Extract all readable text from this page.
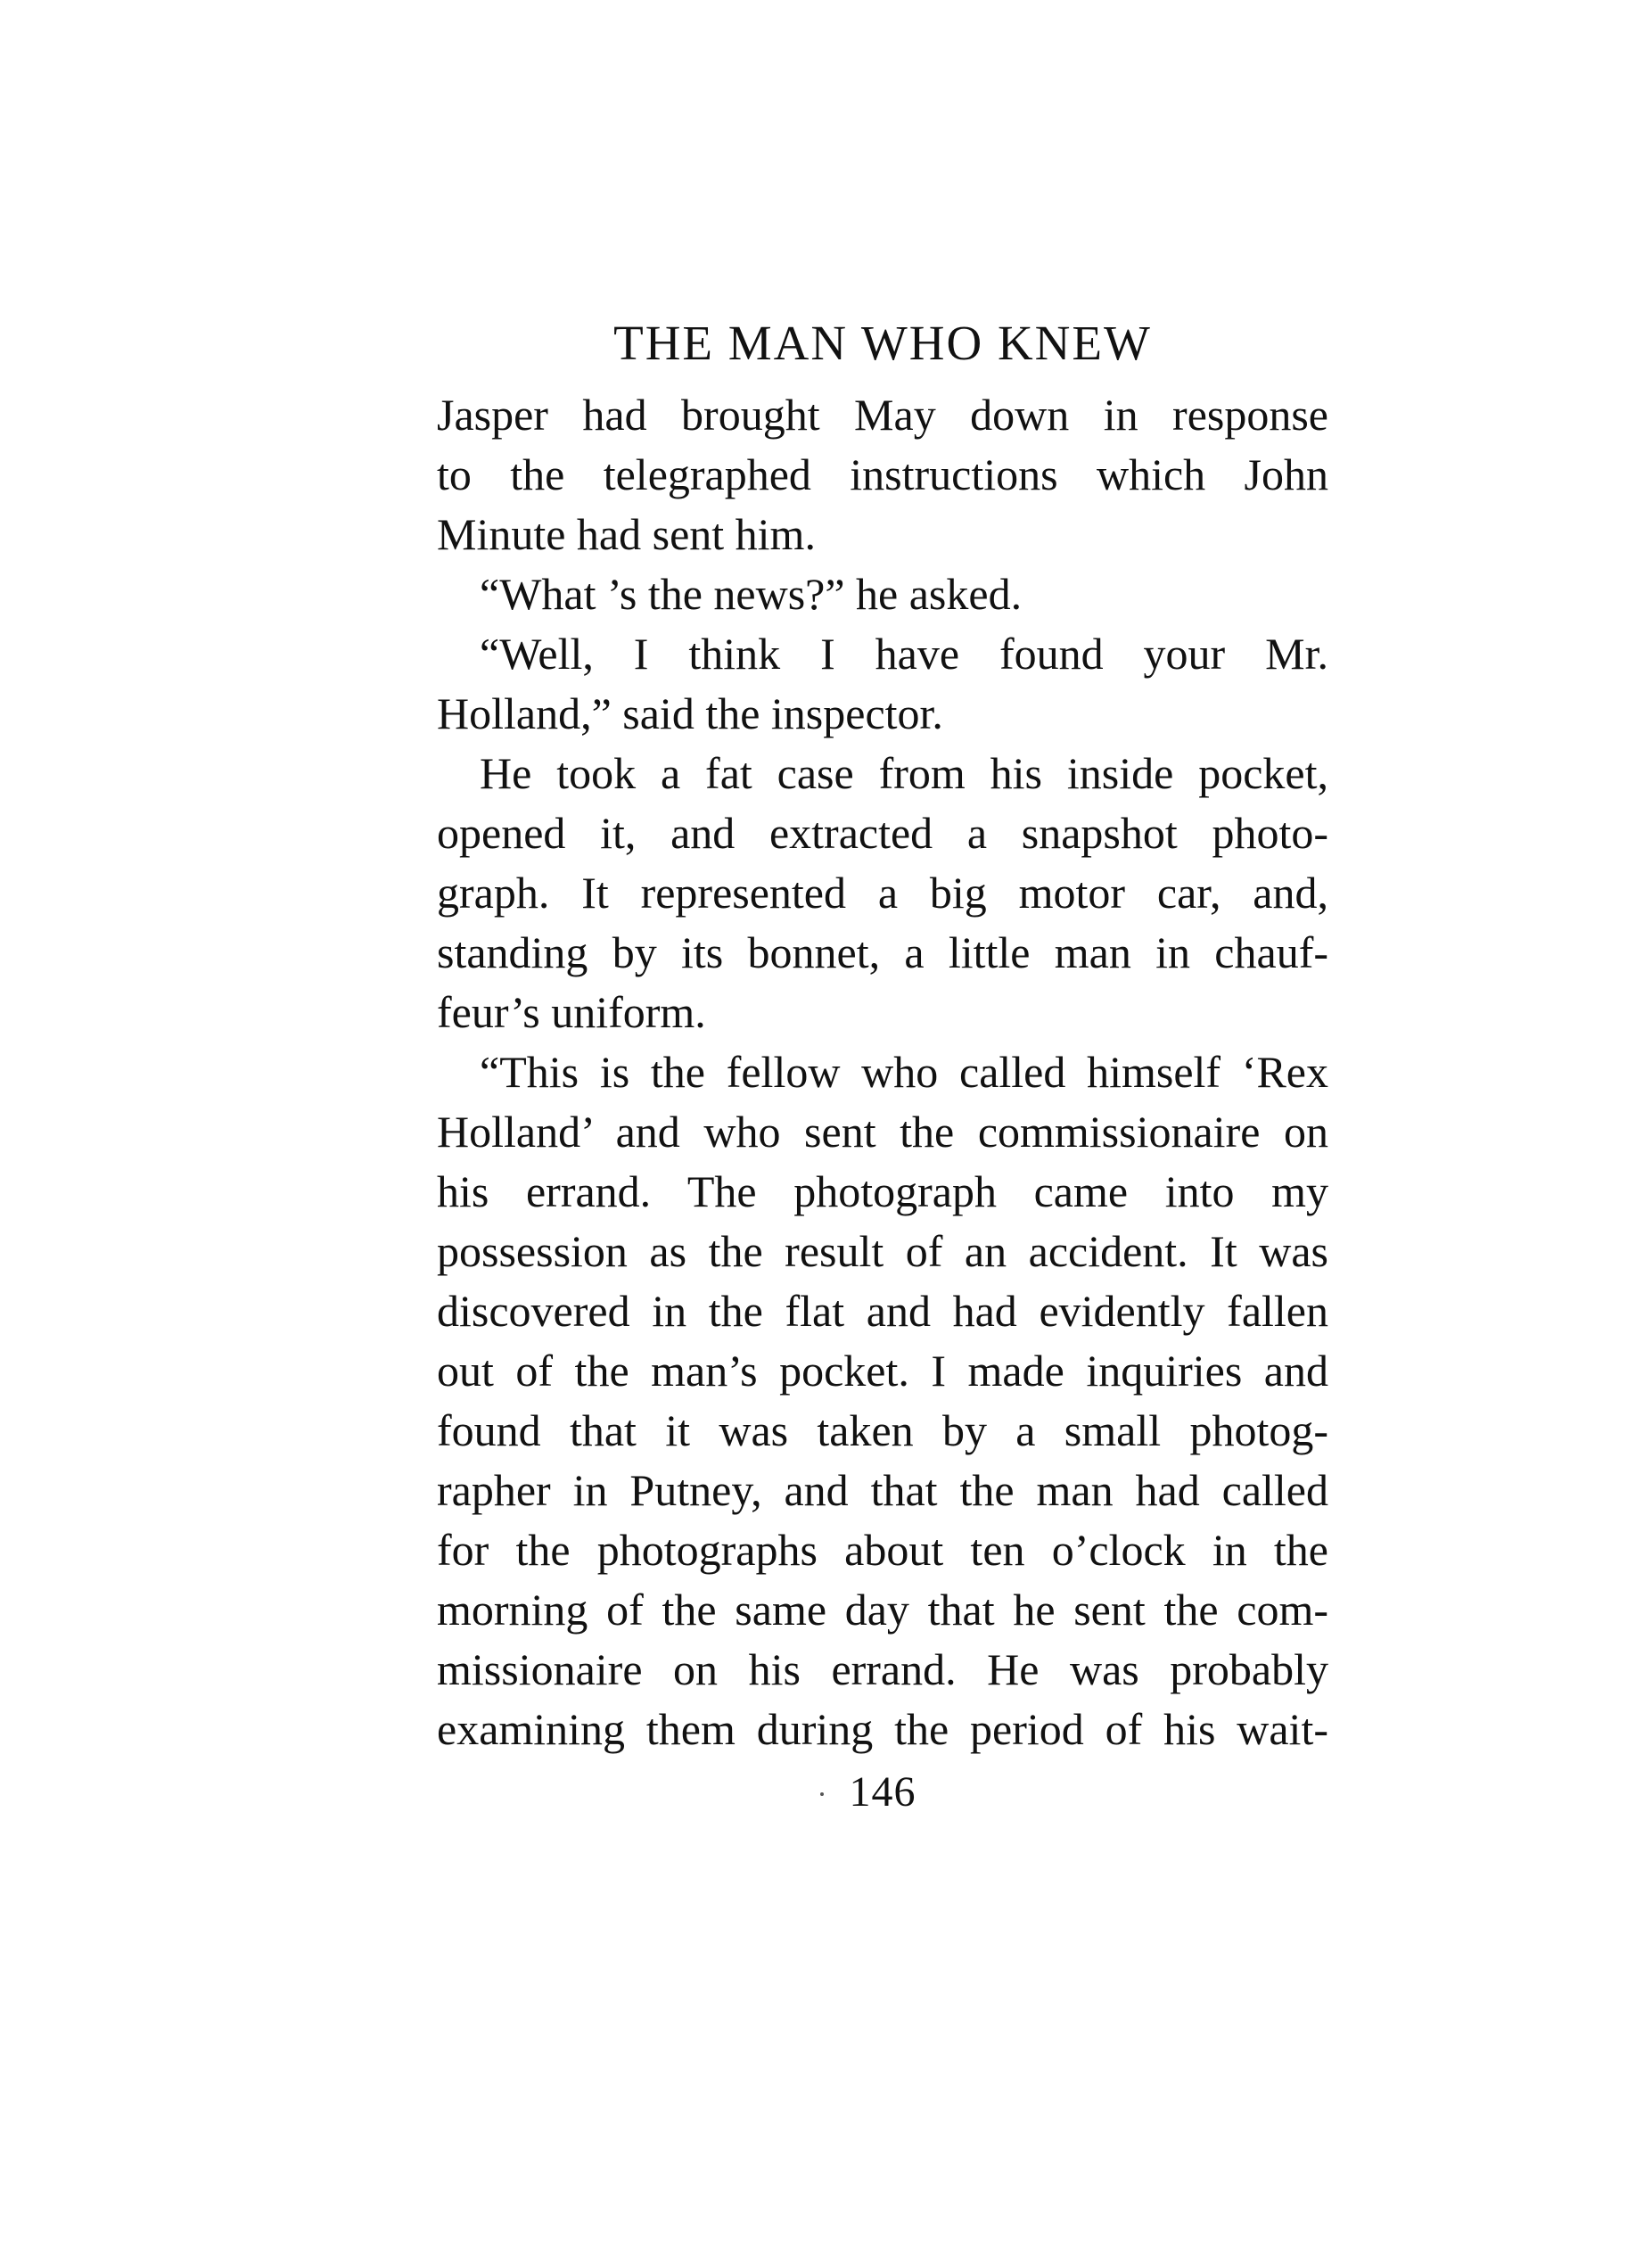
THE MAN WHO KNEW
Jasper had brought May down in response
to the telegraphed instructions which John
Minute had sent him.
“What ’s the news?” he asked.
“Well, I think I have found your Mr.
Holland,” said the inspector.
He took a fat case from his inside pocket,
opened it, and extracted a snapshot photo-
graph. It represented a big motor car, and,
standing by its bonnet, a little man in chauf-
feur’s uniform.
“This is the fellow who called himself ‘Rex
Holland’ and who sent the commissionaire on
his errand. The photograph came into my
possession as the result of an accident. It was
discovered in the flat and had evidently fallen
out of the man’s pocket. I made inquiries and
found that it was taken by a small photog-
rapher in Putney, and that the man had called
for the photographs about ten o’clock in the
morning of the same day that he sent the com-
missionaire on his errand. He was probably
examining them during the period of his wait-
146
